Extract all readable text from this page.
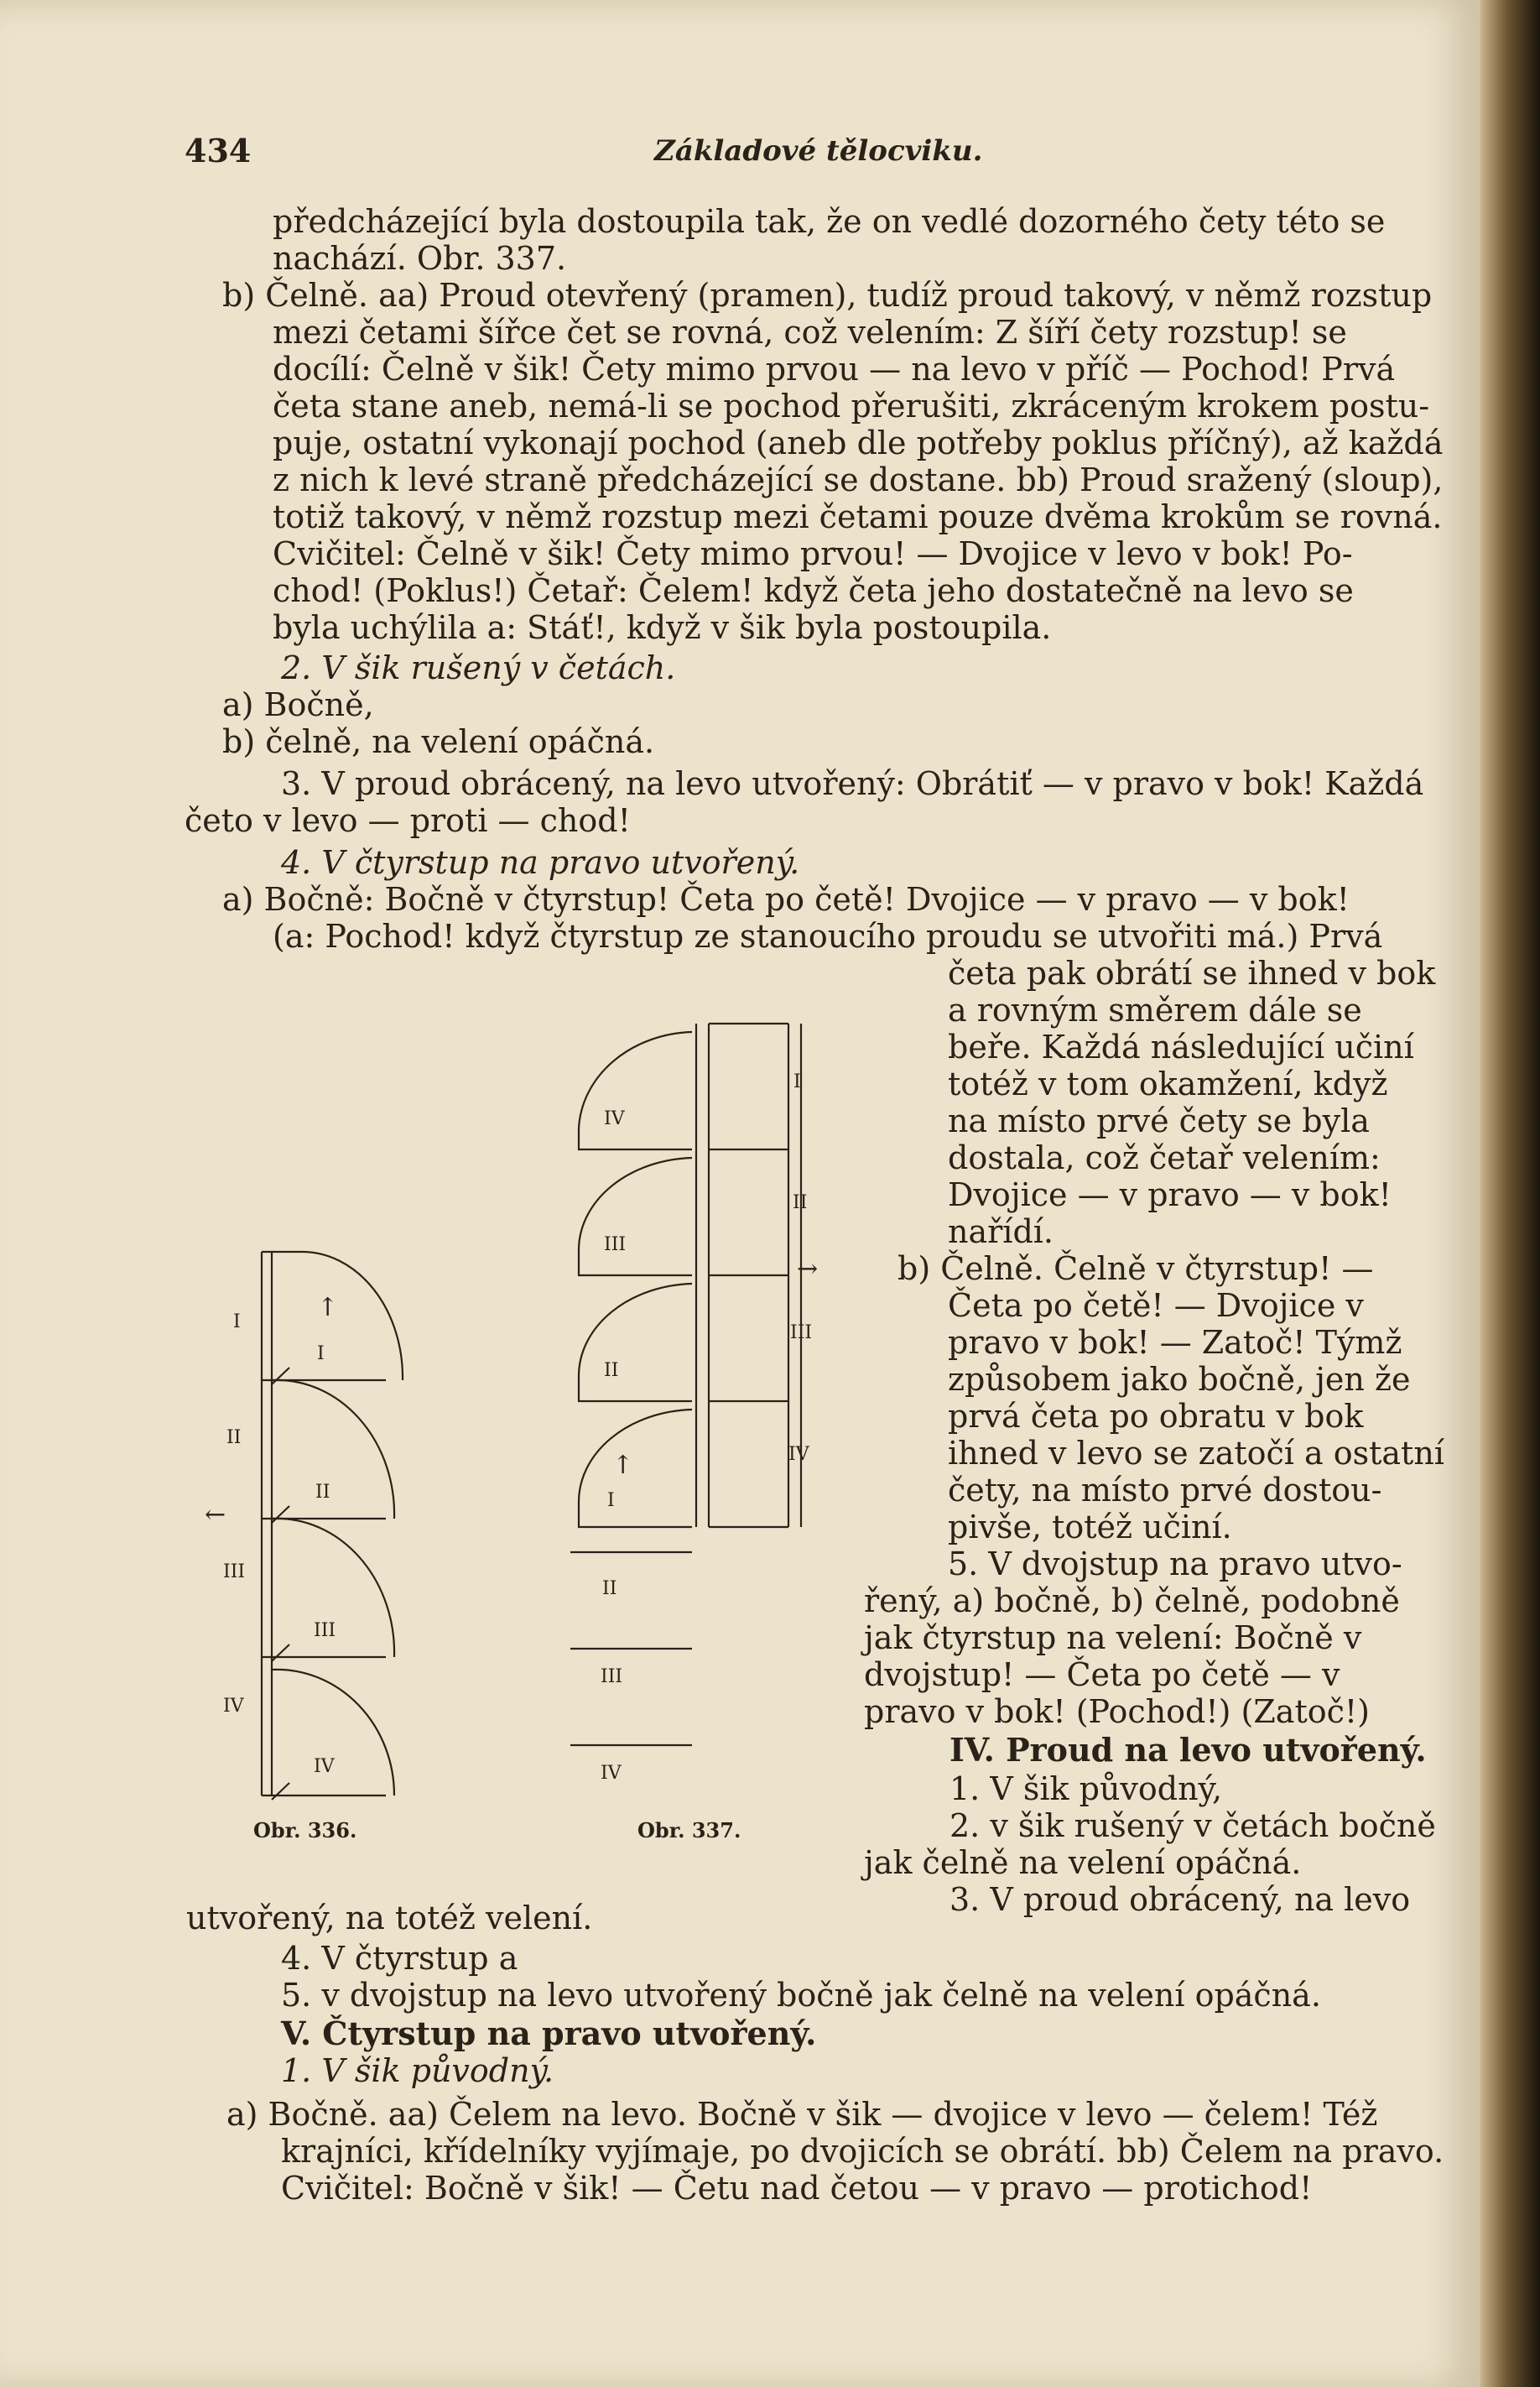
434	Základové tělocviku.

předcházející byla dostoupila tak, že on vedlé dozorného čety této se

nachází. Obr. 337.

b) Čelně. aa) Proud otevřený (pramen), tudíž proud takový, v němž rozstup

mezi četami šířce čet se rovná, což velením: Z šíří čety rozstup! se

docílí: Čelně v šik! Čety mimo prvou — na levo v příč — Pochod! Prvá

četa stane aneb, nemá-li se pochod přerušiti, zkráceným krokem postu-

puje, ostatní vykonají pochod (aneb dle potřeby poklus příčný), až každá

z nich k levé straně předcházející se dostane. bb) Proud sražený (sloup),

totiž takový, v němž rozstup mezi četami pouze dvěma krokům se rovná.

Cvičitel: Čelně v šik! Čety mimo prvou! — Dvojice v levo v bok! Po-

chod! (Poklus!) Četař: Čelem! když četa jeho dostatečně na levo se

byla uchýlila a: Stáť!, když v šik byla postoupila.

2. V šik rušený v četách.

a) Bočně,

b) čelně, na velení opáčná.

3. V proud obrácený, na levo utvořený: Obrátiť — v pravo v bok! Každá

četo v levo — proti — chod!

4. V čtyrstup na pravo utvořený.

a) Bočně: Bočně v čtyrstup! Četa po četě! Dvojice — v pravo — v bok!

(a: Pochod! když čtyrstup ze stanoucího proudu se utvořiti má.) Prvá

četa pak obrátí se ihned v bok

a rovným směrem dále se

beře. Každá následující učiní

totéž v tom okamžení, když

na místo prvé čety se byla

dostala, což četař velením:

Dvojice — v pravo — v bok!

nařídí.

b) Čelně. Čelně v čtyrstup! —

Četa po četě! — Dvojice v

pravo v bok! — Zatoč! Týmž

způsobem jako bočně, jen že

prvá četa po obratu v bok

ihned v levo se zatočí a ostatní

čety, na místo prvé dostou-

pivše, totéž učiní.

5. V dvojstup na pravo utvo-

řený, a) bočně, b) čelně, podobně

jak čtyrstup na velení: Bočně v

dvojstup! — Četa po četě — v

pravo v bok! (Pochod!) (Zatoč!)

IV. Proud na levo utvořený.

1. V šik původný,

2. v šik rušený v četách bočně

jak čelně na velení opáčná.

3. V proud obrácený, na levo

utvořený, na totéž velení.

4. V čtyrstup a

5. v dvojstup na levo utvořený bočně jak čelně na velení opáčná.

V. Čtyrstup na pravo utvořený.

1. V šik původný.

a) Bočně. aa) Čelem na levo. Bočně v šik — dvojice v levo — čelem! Též

krajníci, křídelníky vyjímaje, po dvojicích se obrátí. bb) Čelem na pravo.

Cvičitel: Bočně v šik! — Četu nad četou — v pravo — protichod!

I
II
III
IV
↑
I
II
III
IV
←
Obr. 336.
IV
III
II
↑
I
II
III
IV
I
II
III
IV
→
Obr. 337.
